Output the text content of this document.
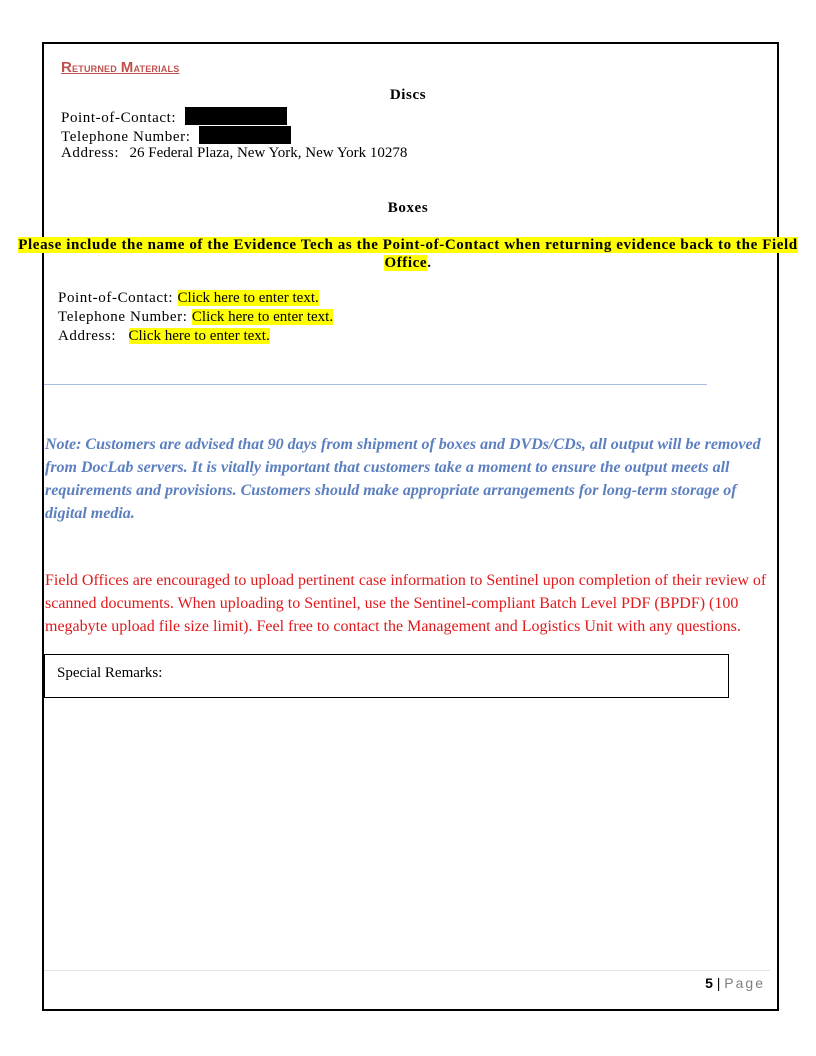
Returned Materials
Discs
Point-of-Contact:
Telephone Number:
Address: 26 Federal Plaza, New York, New York 10278
Boxes
Please include the name of the Evidence Tech as the Point-of-Contact when returning evidence back to the Field Office.
Point-of-Contact: Click here to enter text.
Telephone Number: Click here to enter text.
Address: Click here to enter text.
Note: Customers are advised that 90 days from shipment of boxes and DVDs/CDs, all output will be removed from DocLab servers. It is vitally important that customers take a moment to ensure the output meets all requirements and provisions. Customers should make appropriate arrangements for long-term storage of digital media.
Field Offices are encouraged to upload pertinent case information to Sentinel upon completion of their review of scanned documents. When uploading to Sentinel, use the Sentinel-compliant Batch Level PDF (BPDF) (100 megabyte upload file size limit). Feel free to contact the Management and Logistics Unit with any questions.
Special Remarks:
5 | Page
